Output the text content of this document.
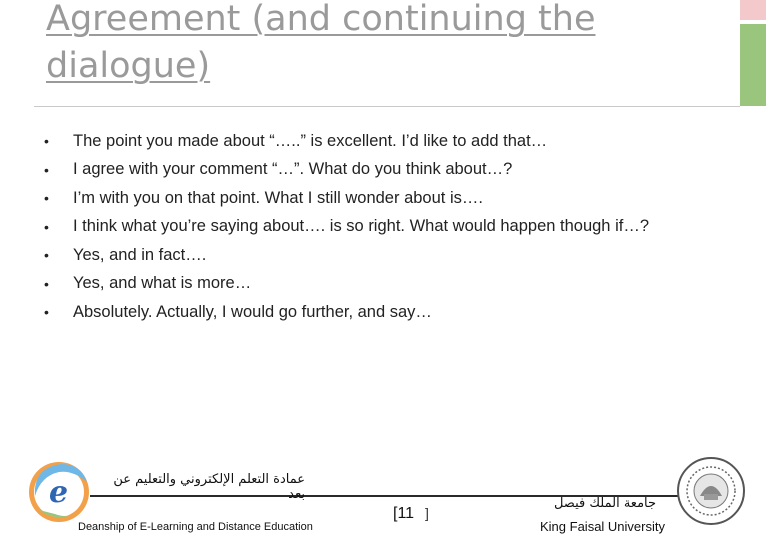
Agreement (and continuing the
dialogue)
•	The point you made about “…..” is excellent. I’d like to add that…
•	I agree with your comment “…”. What do you think about…?
•	I’m with you on that point. What I still wonder about is….
•	I think what you’re saying about…. is so right. What would happen though if…?
•	Yes, and in fact….
•	Yes, and what is more…
•	Absolutely. Actually, I would go further, and say…
e	عمادة التعلم الإلكتروني والتعليم عن بعد
Deanship of E-Learning and Distance Education
[11 ]
جامعة الملك فيصل
King Faisal University
